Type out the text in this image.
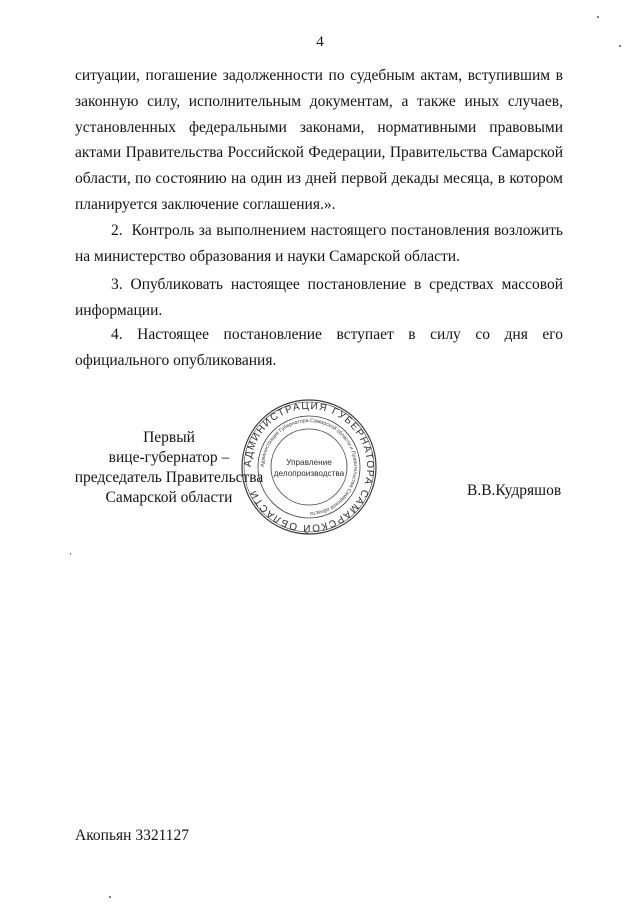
4

ситуации, погашение задолженности по судебным актам, вступившим в законную силу, исполнительным документам, а также иных случаев, установленных федеральными законами, нормативными правовыми актами Правительства Российской Федерации, Правительства Самарской области, по состоянию на один из дней первой декады месяца, в котором планируется заключение соглашения.».

2.  Контроль за выполнением настоящего постановления возложить на министерство образования и науки Самарской области.

3. Опубликовать настоящее постановление в средствах массовой информации.

4. Настоящее постановление вступает в силу со дня его официального опубликования.

Первый
вице-губернатор –
председатель Правительства
Самарской области
АДМИНИСТРАЦИЯ ГУБЕРНАТОРА САМАРСКОЙ ОБЛАСТИ
Администрация Губернатора Самарской области и Правительства Самарской области
Управление
делопроизводства
В.В.Кудряшов
Акопьян 3321127
